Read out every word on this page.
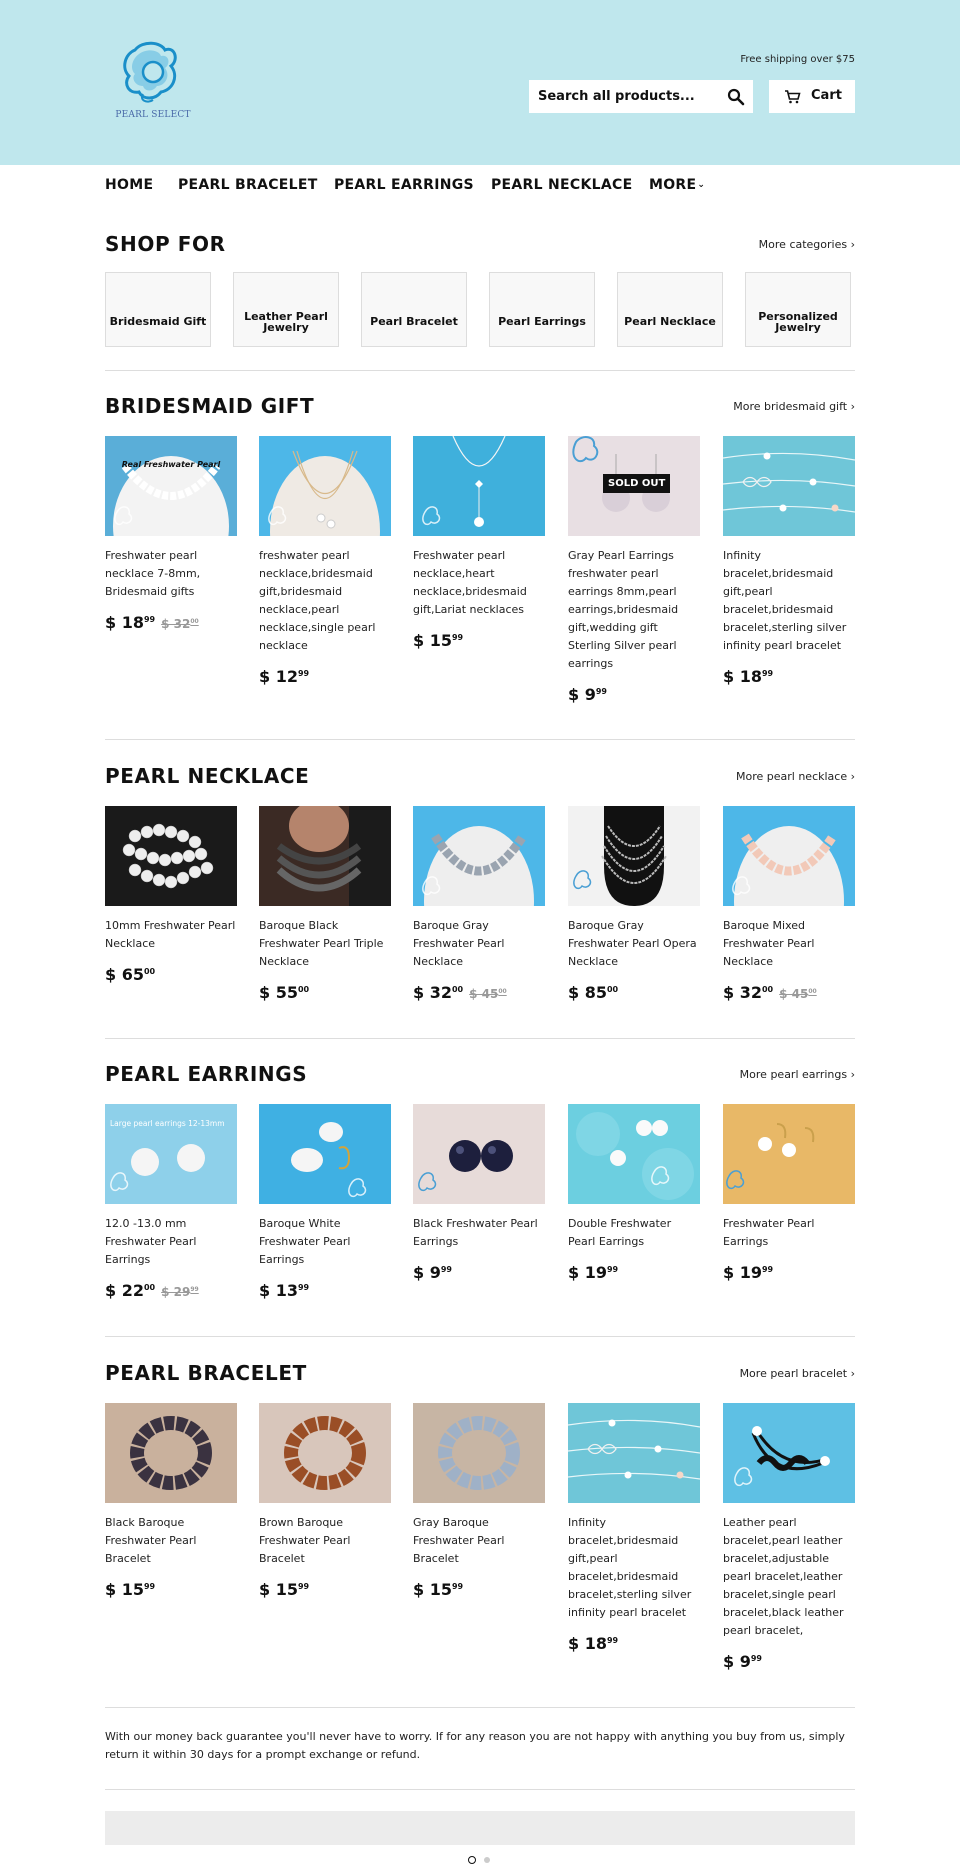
PEARL SELECT
Free shipping over $75
Search all products...	Cart
HOME PEARL BRACELET PEARL EARRINGS PEARL NECKLACE MORE⌄
SHOP FOR	More categories ›
Bridesmaid Gift	Leather Pearl Jewelry	Pearl Bracelet	Pearl Earrings	Pearl Necklace	Personalized Jewelry
BRIDESMAID GIFT	More bridesmaid gift ›
Real Freshwater Pearl
Freshwater pearl necklace 7-8mm, Bridesmaid gifts
$ $18^{99}$ $ $32^{00}$
freshwater pearl necklace,bridesmaid gift,bridesmaid necklace,pearl necklace,single pearl necklace
$ $12^{99}$
Freshwater pearl necklace,heart necklace,bridesmaid gift,Lariat necklaces
$ $15^{99}$
SOLD OUT
Gray Pearl Earrings freshwater pearl earrings 8mm,pearl earrings,bridesmaid gift,wedding gift Sterling Silver pearl earrings
$ $9^{99}$
Infinity bracelet,bridesmaid gift,pearl bracelet,bridesmaid bracelet,sterling silver infinity pearl bracelet
$ $18^{99}$
PEARL NECKLACE	More pearl necklace ›
10mm Freshwater Pearl Necklace
$ $65^{00}$
Baroque Black Freshwater Pearl Triple Necklace
$ $55^{00}$
Baroque Gray Freshwater Pearl Necklace
$ $32^{00}$ $ $45^{00}$
Baroque Gray Freshwater Pearl Opera Necklace
$ $85^{00}$
Baroque Mixed Freshwater Pearl Necklace
$ $32^{00}$ $ $45^{00}$
PEARL EARRINGS	More pearl earrings ›
Large pearl earrings 12-13mm
12.0 -13.0 mm Freshwater Pearl Earrings
$ $22^{00}$ $ $29^{99}$
Baroque White Freshwater Pearl Earrings
$ $13^{99}$
Black Freshwater Pearl Earrings
$ $9^{99}$
Double Freshwater Pearl Earrings
$ $19^{99}$
Freshwater Pearl Earrings
$ $19^{99}$
PEARL BRACELET	More pearl bracelet ›
Black Baroque Freshwater Pearl Bracelet
$ $15^{99}$
Brown Baroque Freshwater Pearl Bracelet
$ $15^{99}$
Gray Baroque Freshwater Pearl Bracelet
$ $15^{99}$
Infinity bracelet,bridesmaid gift,pearl bracelet,bridesmaid bracelet,sterling silver infinity pearl bracelet
$ $18^{99}$
Leather pearl bracelet,pearl leather bracelet,adjustable pearl bracelet,leather bracelet,single pearl bracelet,black leather pearl bracelet,
$ $9^{99}$
With our money back guarantee you'll never have to worry. If for any reason you are not happy with anything you buy from us, simply return it within 30 days for a prompt exchange or refund.
